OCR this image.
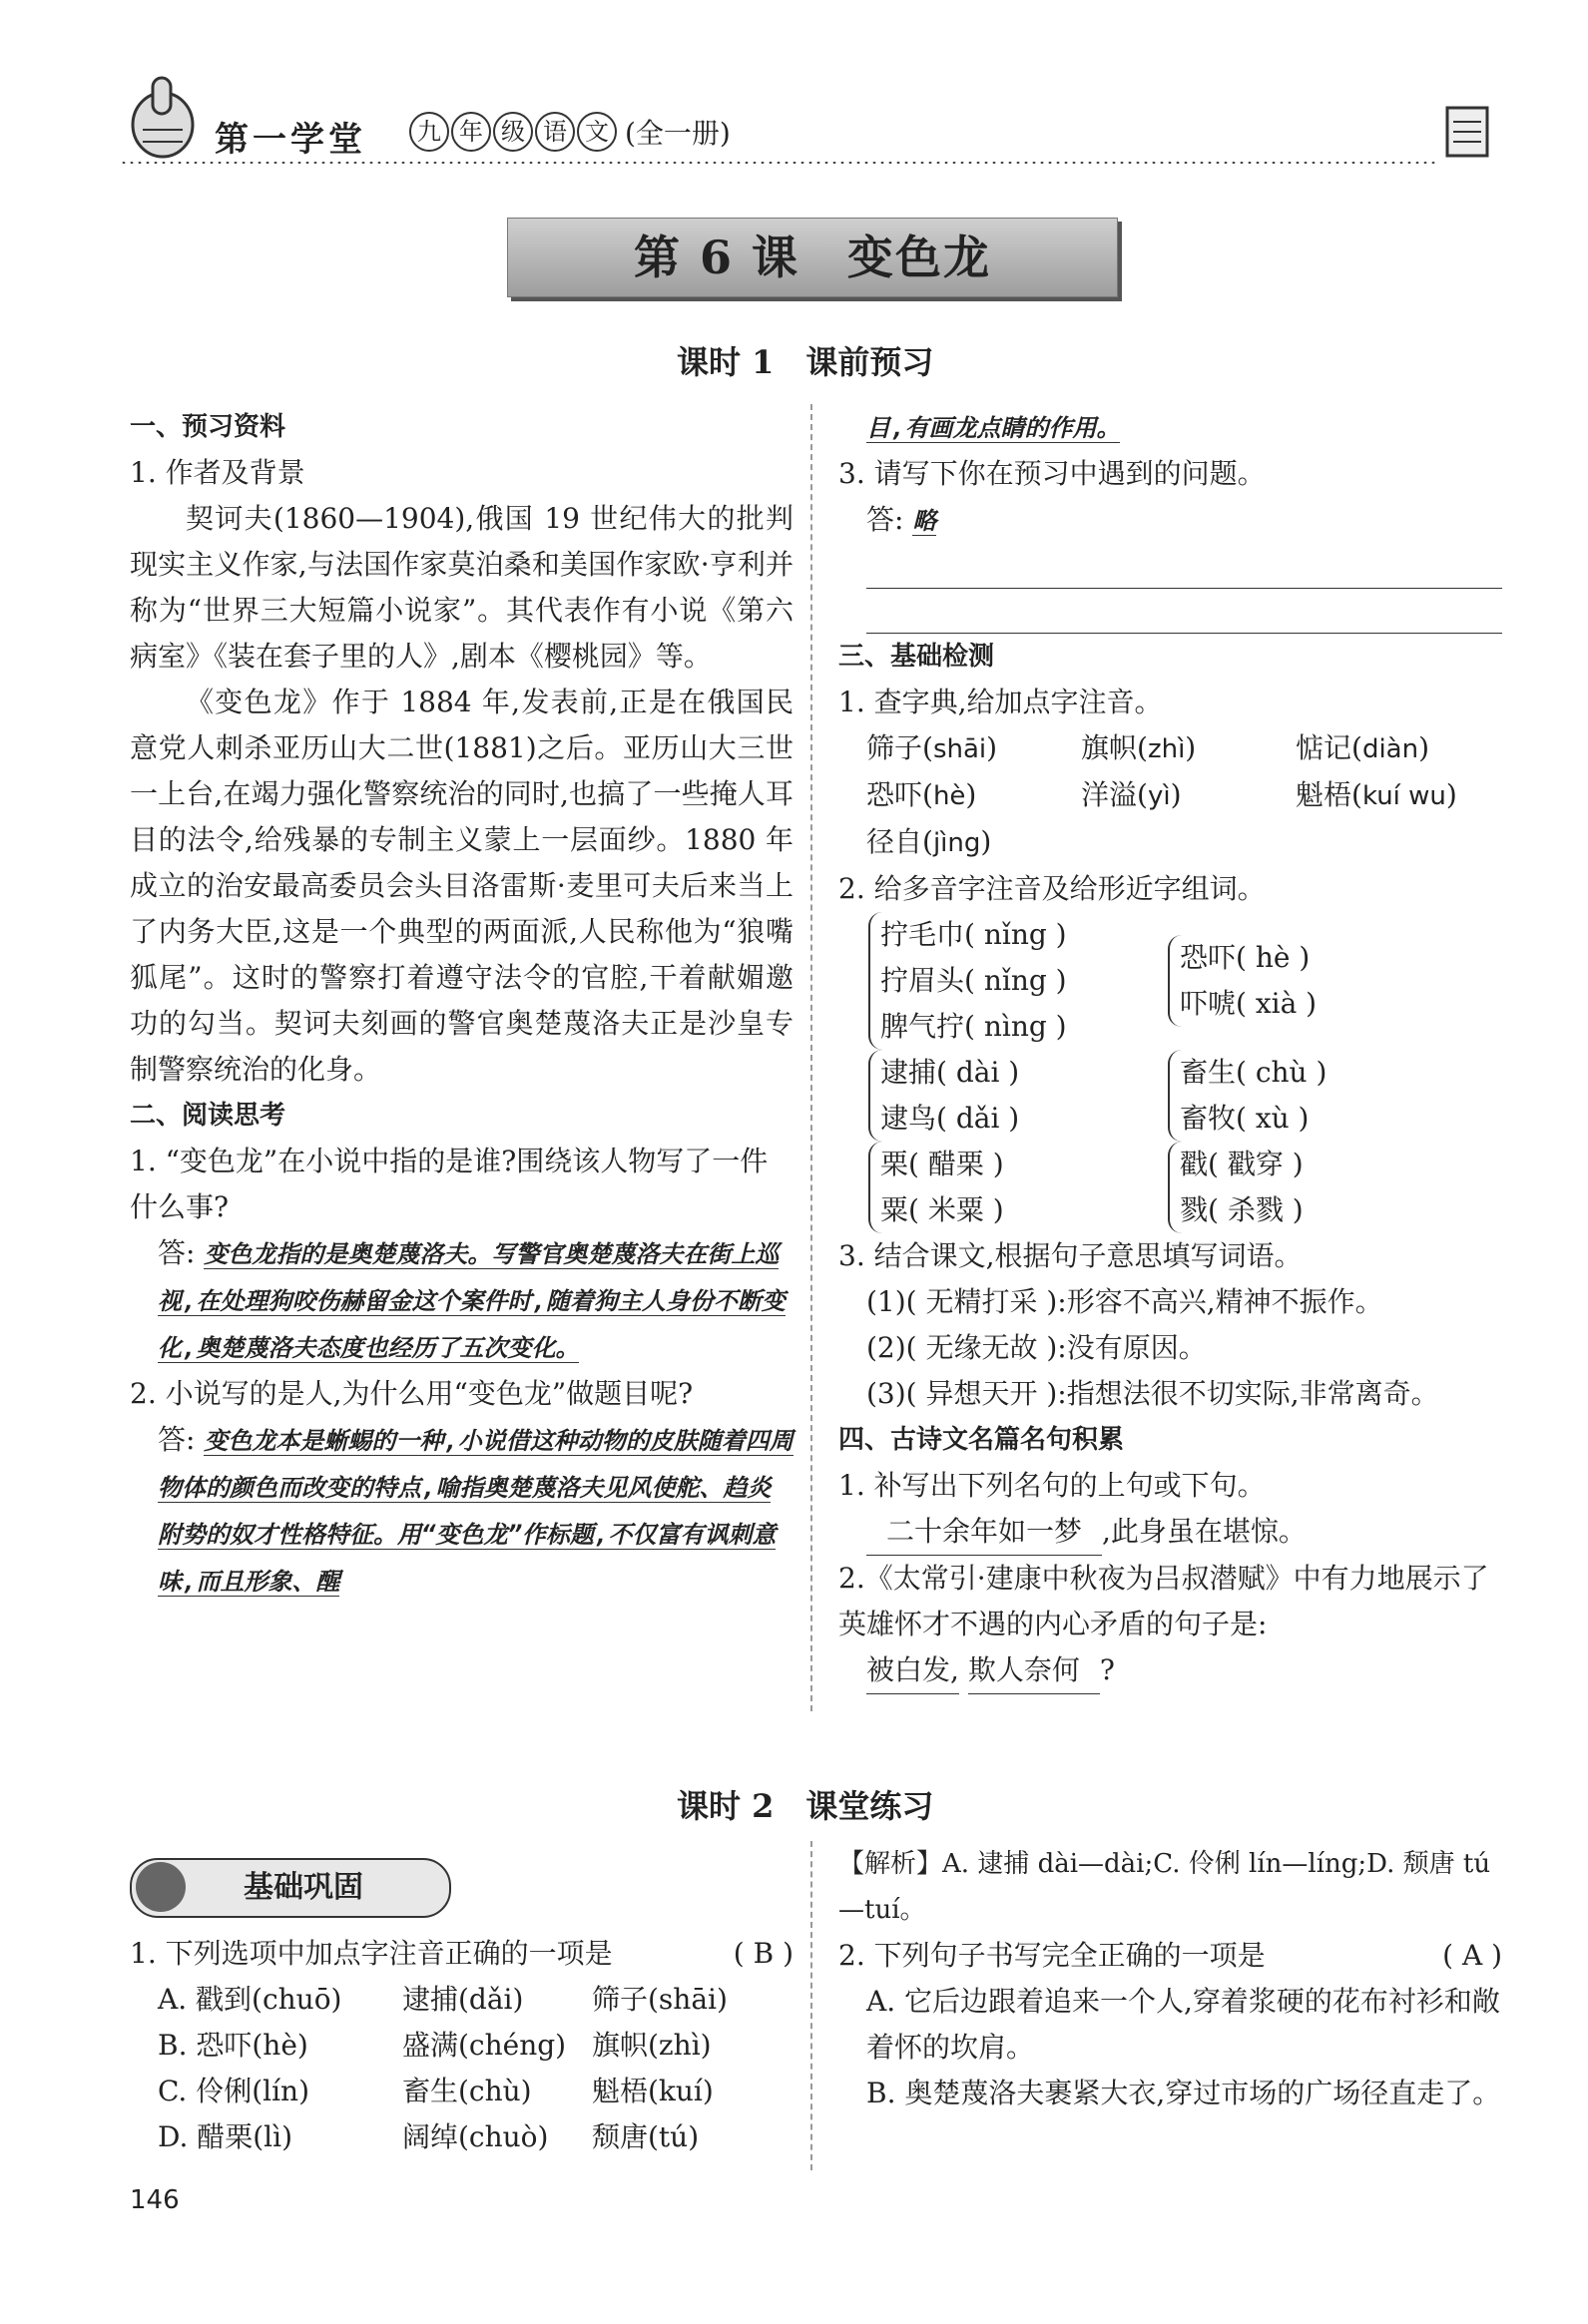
第一学堂	九 年 级 语 文 (全一册)
第 6 课　变色龙
课时 1　课前预习
一、预习资料
1. 作者及背景
契诃夫(1860—1904),俄国 19 世纪伟大的批判现实主义作家,与法国作家莫泊桑和美国作家欧·亨利并称为“世界三大短篇小说家”。其代表作有小说《第六病室》《装在套子里的人》,剧本《樱桃园》等。
《变色龙》作于 1884 年,发表前,正是在俄国民意党人刺杀亚历山大二世(1881)之后。亚历山大三世一上台,在竭力强化警察统治的同时,也搞了一些掩人耳目的法令,给残暴的专制主义蒙上一层面纱。1880 年成立的治安最高委员会头目洛雷斯·麦里可夫后来当上了内务大臣,这是一个典型的两面派,人民称他为“狼嘴狐尾”。这时的警察打着遵守法令的官腔,干着献媚邀功的勾当。契诃夫刻画的警官奥楚蔑洛夫正是沙皇专制警察统治的化身。
二、阅读思考
1. “变色龙”在小说中指的是谁?围绕该人物写了一件什么事?
答: 变色龙指的是奥楚蔑洛夫。写警官奥楚蔑洛夫在街上巡视,在处理狗咬伤赫留金这个案件时,随着狗主人身份不断变化,奥楚蔑洛夫态度也经历了五次变化。
2. 小说写的是人,为什么用“变色龙”做题目呢?
答: 变色龙本是蜥蜴的一种,小说借这种动物的皮肤随着四周物体的颜色而改变的特点,喻指奥楚蔑洛夫见风使舵、趋炎附势的奴才性格特征。用“变色龙”作标题,不仅富有讽刺意味,而且形象、醒
目,有画龙点睛的作用。
3. 请写下你在预习中遇到的问题。
答: 略
三、基础检测
1. 查字典,给加点字注音。
筛子(shāi)	旗帜(zhì)	惦记(diàn)
恐吓(hè)	洋溢(yì)	魁梧(kuí wu)
径自(jìng)
2. 给多音字注音及给形近字组词。
拧毛巾( nǐng )
拧眉头( nǐng )
脾气拧( nìng )
恐吓( hè )
吓唬( xià )
逮捕( dài )
逮鸟( dǎi )
畜生( chù )
畜牧( xù )
栗( 醋栗 )
粟( 米粟 )
戳( 戳穿 )
戮( 杀戮 )
3. 结合课文,根据句子意思填写词语。
(1)( 无精打采 ):形容不高兴,精神不振作。
(2)( 无缘无故 ):没有原因。
(3)( 异想天开 ):指想法很不切实际,非常离奇。
四、古诗文名篇名句积累
1. 补写出下列名句的上句或下句。
二十余年如一梦 ,此身虽在堪惊。
2.《太常引·建康中秋夜为吕叔潜赋》中有力地展示了英雄怀才不遇的内心矛盾的句子是:
被白发, 欺人奈何 ?
课时 2　课堂练习
基础巩固
1. 下列选项中加点字注音正确的一项是	( B )
A. 戳到(chuō)	逮捕(dǎi)	筛子(shāi)
B. 恐吓(hè)	盛满(chéng) 旗帜(zhì)
C. 伶俐(lín)	畜生(chù)	魁梧(kuí)
D. 醋栗(lì)	阔绰(chuò)	颓唐(tú)
【解析】A. 逮捕 dài—dài;C. 伶俐 lín—líng;D. 颓唐 tú—tuí。
2. 下列句子书写完全正确的一项是	( A )
A. 它后边跟着追来一个人,穿着浆硬的花布衬衫和敞着怀的坎肩。
B. 奥楚蔑洛夫裹紧大衣,穿过市场的广场径直走了。
146
